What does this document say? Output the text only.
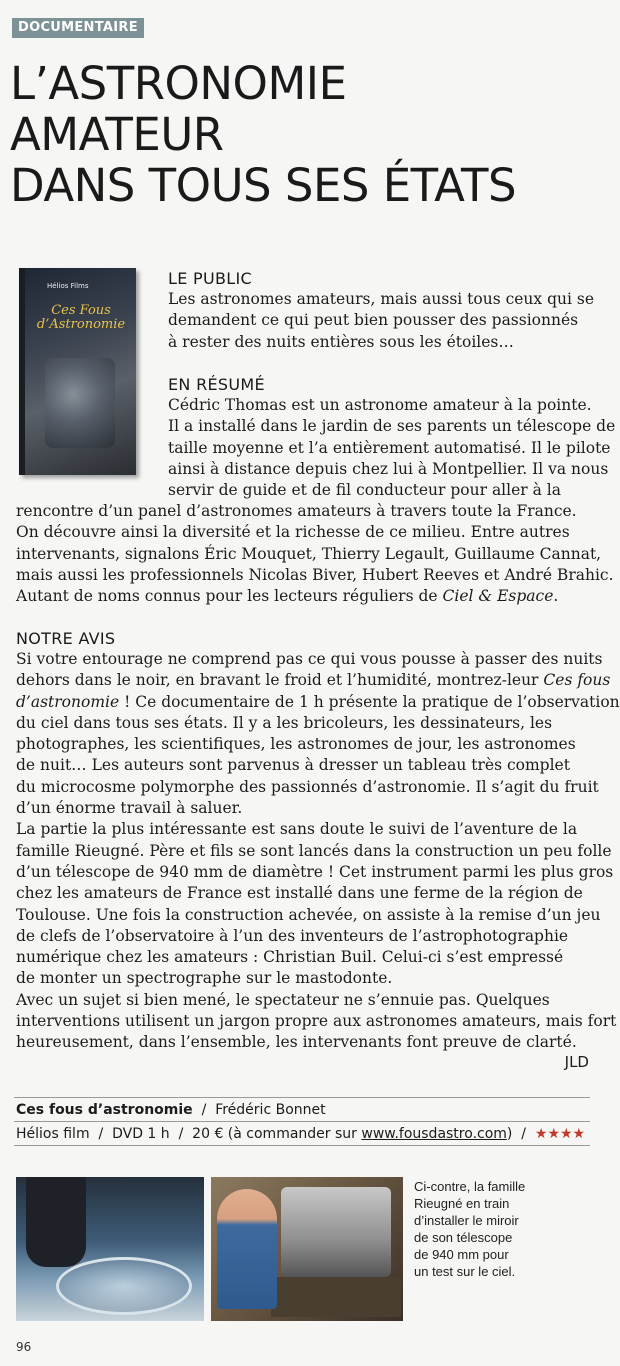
DOCUMENTAIRE
L’ASTRONOMIE
AMATEUR
DANS TOUS SES ÉTATS
Hélios Films
Ces Fous d’Astronomie
LE PUBLIC
Les astronomes amateurs, mais aussi tous ceux qui se
demandent ce qui peut bien pousser des passionnés
à rester des nuits entières sous les étoiles…
EN RÉSUMÉ
Cédric Thomas est un astronome amateur à la pointe.
Il a installé dans le jardin de ses parents un télescope de
taille moyenne et l’a entièrement automatisé. Il le pilote
ainsi à distance depuis chez lui à Montpellier. Il va nous
servir de guide et de fil conducteur pour aller à la
rencontre d’un panel d’astronomes amateurs à travers toute la France.
On découvre ainsi la diversité et la richesse de ce milieu. Entre autres
intervenants, signalons Éric Mouquet, Thierry Legault, Guillaume Cannat,
mais aussi les professionnels Nicolas Biver, Hubert Reeves et André Brahic.
Autant de noms connus pour les lecteurs réguliers de Ciel & Espace.
NOTRE AVIS
Si votre entourage ne comprend pas ce qui vous pousse à passer des nuits
dehors dans le noir, en bravant le froid et l’humidité, montrez-leur Ces fous
d’astronomie ! Ce documentaire de 1 h présente la pratique de l’observation
du ciel dans tous ses états. Il y a les bricoleurs, les dessinateurs, les
photographes, les scientifiques, les astronomes de jour, les astronomes
de nuit… Les auteurs sont parvenus à dresser un tableau très complet
du microcosme polymorphe des passionnés d’astronomie. Il s’agit du fruit
d’un énorme travail à saluer.
La partie la plus intéressante est sans doute le suivi de l’aventure de la
famille Rieugné. Père et fils se sont lancés dans la construction un peu folle
d’un télescope de 940 mm de diamètre ! Cet instrument parmi les plus gros
chez les amateurs de France est installé dans une ferme de la région de
Toulouse. Une fois la construction achevée, on assiste à la remise d’un jeu
de clefs de l’observatoire à l’un des inventeurs de l’astrophotographie
numérique chez les amateurs : Christian Buil. Celui-ci s’est empressé
de monter un spectrographe sur le mastodonte.
Avec un sujet si bien mené, le spectateur ne s’ennuie pas. Quelques
interventions utilisent un jargon propre aux astronomes amateurs, mais fort
heureusement, dans l’ensemble, les intervenants font preuve de clarté.
JLD
Ces fous d’astronomie  /  Frédéric Bonnet
Hélios film  /  DVD 1 h  /  20 € (à commander sur www.fousdastro.com)  /  ★★★★
Ci-contre, la famille
Rieugné en train
d’installer le miroir
de son télescope
de 940 mm pour
un test sur le ciel.
96
